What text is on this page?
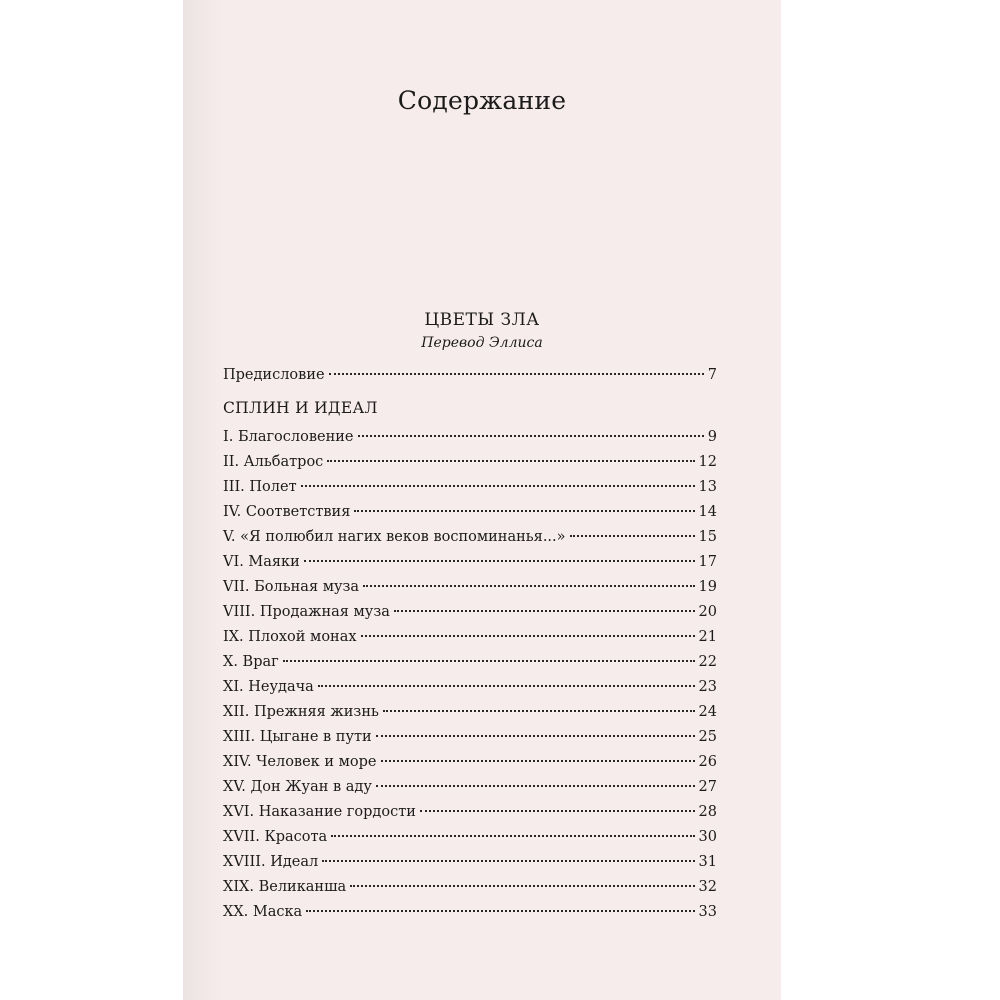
Содержание
ЦВЕТЫ ЗЛА
Перевод Эллиса
Предисловие	7
СПЛИН И ИДЕАЛ
I. Благословение	9
II. Альбатрос	12
III. Полет	13
IV. Соответствия	14
V. «Я полюбил нагих веков воспоминанья...»	15
VI. Маяки	17
VII. Больная муза	19
VIII. Продажная муза	20
IX. Плохой монах	21
X. Враг	22
XI. Неудача	23
XII. Прежняя жизнь	24
XIII. Цыгане в пути	25
XIV. Человек и море	26
XV. Дон Жуан в аду	27
XVI. Наказание гордости	28
XVII. Красота	30
XVIII. Идеал	31
XIX. Великанша	32
XX. Маска	33
